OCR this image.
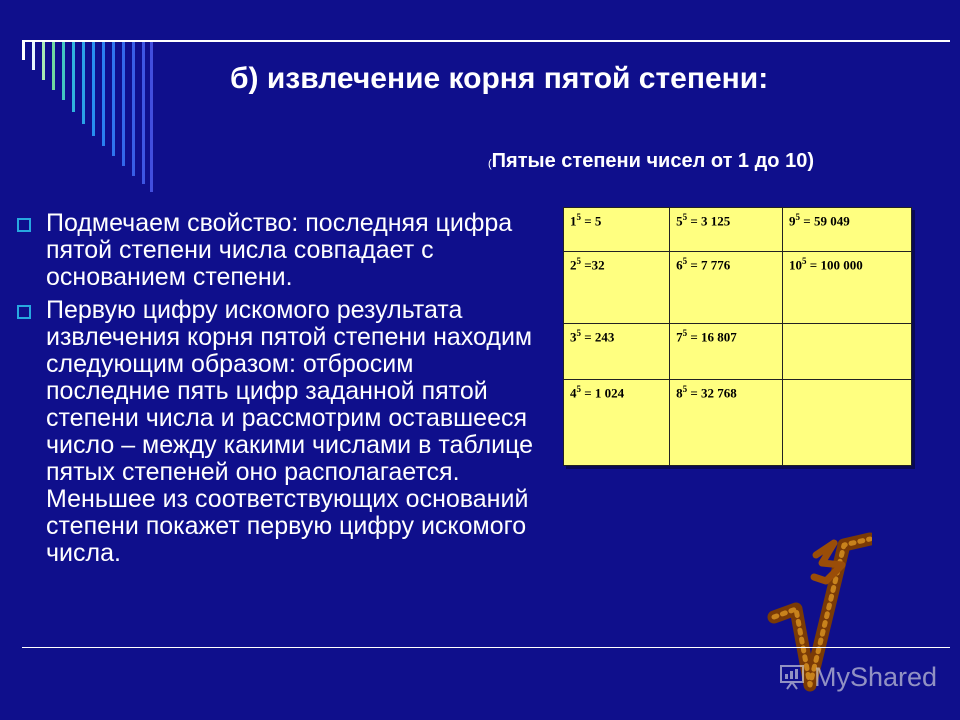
б) извлечение корня пятой степени:
(Пятые степени чисел от 1 до 10)
Подмечаем свойство: последняя цифра пятой степени числа совпадает с основанием степени.
Первую цифру искомого результата извлечения корня пятой степени находим следующим образом: отбросим последние пять цифр заданной пятой степени числа и рассмотрим оставшееся число – между какими числами в таблице пятых степеней оно располагается. Меньшее из соответствующих оснований степени покажет первую цифру искомого числа.
$1^5 = 5$	$5^5 = 3$ 125	$9^5 = 59$ 049
$2^5 =32$	$6^5 = 7$ 776	$10^5 = 100$ 000
$3^5 = 243$	$7^5 = 16$ 807	
$4^5 = 1$ 024	$8^5 = 32$ 768	
MyShared
